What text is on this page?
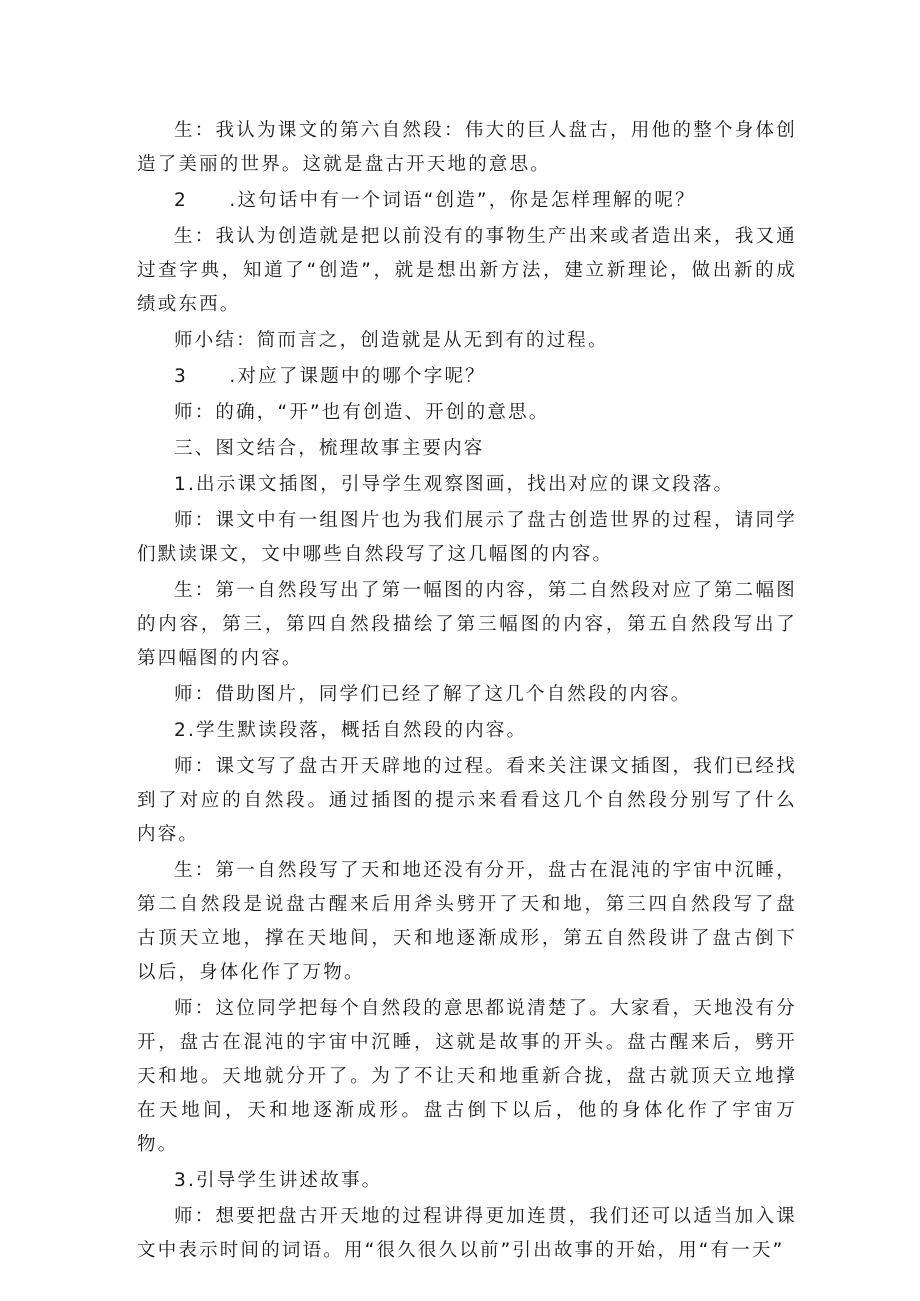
生：我认为课文的第六自然段：伟大的巨人盘古，用他的整个身体创造了美丽的世界。这就是盘古开天地的意思。

2　　.这句话中有一个词语“创造”，你是怎样理解的呢？

生：我认为创造就是把以前没有的事物生产出来或者造出来，我又通过查字典，知道了“创造”，就是想出新方法，建立新理论，做出新的成绩或东西。

师小结：简而言之，创造就是从无到有的过程。

3　　.对应了课题中的哪个字呢？

师：的确，“开”也有创造、开创的意思。

三、图文结合，梳理故事主要内容

1.出示课文插图，引导学生观察图画，找出对应的课文段落。

师：课文中有一组图片也为我们展示了盘古创造世界的过程，请同学们默读课文，文中哪些自然段写了这几幅图的内容。

生：第一自然段写出了第一幅图的内容，第二自然段对应了第二幅图的内容，第三，第四自然段描绘了第三幅图的内容，第五自然段写出了第四幅图的内容。

师：借助图片，同学们已经了解了这几个自然段的内容。

2.学生默读段落，概括自然段的内容。

师：课文写了盘古开天辟地的过程。看来关注课文插图，我们已经找到了对应的自然段。通过插图的提示来看看这几个自然段分别写了什么内容。

生：第一自然段写了天和地还没有分开，盘古在混沌的宇宙中沉睡，第二自然段是说盘古醒来后用斧头劈开了天和地，第三四自然段写了盘古顶天立地，撑在天地间，天和地逐渐成形，第五自然段讲了盘古倒下以后，身体化作了万物。

师：这位同学把每个自然段的意思都说清楚了。大家看，天地没有分开，盘古在混沌的宇宙中沉睡，这就是故事的开头。盘古醒来后，劈开天和地。天地就分开了。为了不让天和地重新合拢，盘古就顶天立地撑在天地间，天和地逐渐成形。盘古倒下以后，他的身体化作了宇宙万物。

3.引导学生讲述故事。

师：想要把盘古开天地的过程讲得更加连贯，我们还可以适当加入课文中表示时间的词语。用“很久很久以前”引出故事的开始，用“有一天”
